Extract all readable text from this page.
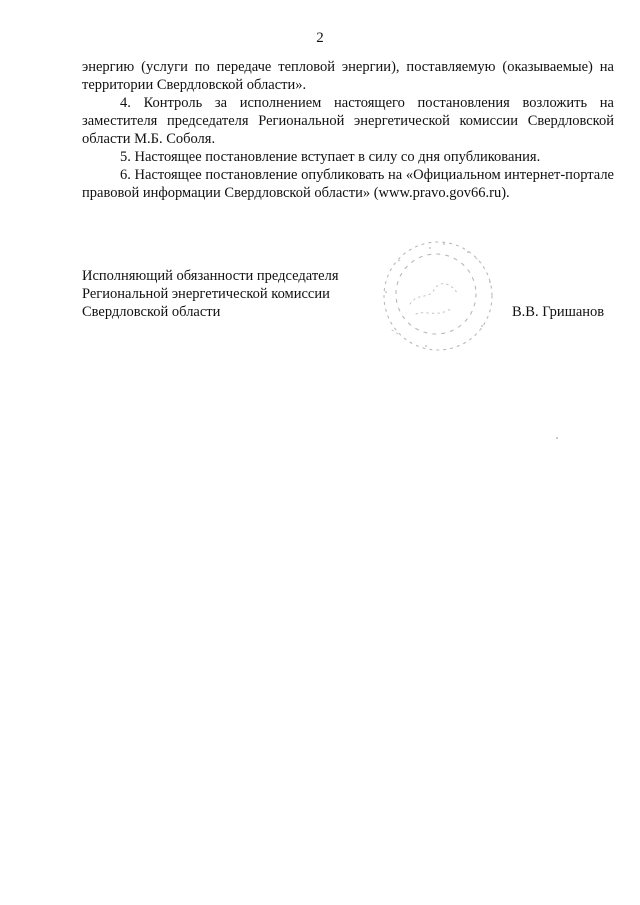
2

энергию (услуги по передаче тепловой энергии), поставляемую (оказываемые) на территории Свердловской области».

4. Контроль за исполнением настоящего постановления возложить на заместителя председателя Региональной энергетической комиссии Свердловской области М.Б. Соболя.

5. Настоящее постановление вступает в силу со дня опубликования.

6. Настоящее постановление опубликовать на «Официальном интернет-портале правовой информации Свердловской области» (www.pravo.gov66.ru).

Исполняющий обязанности председателя
Региональной энергетической комиссии
Свердловской области	В.В. Гришанов
